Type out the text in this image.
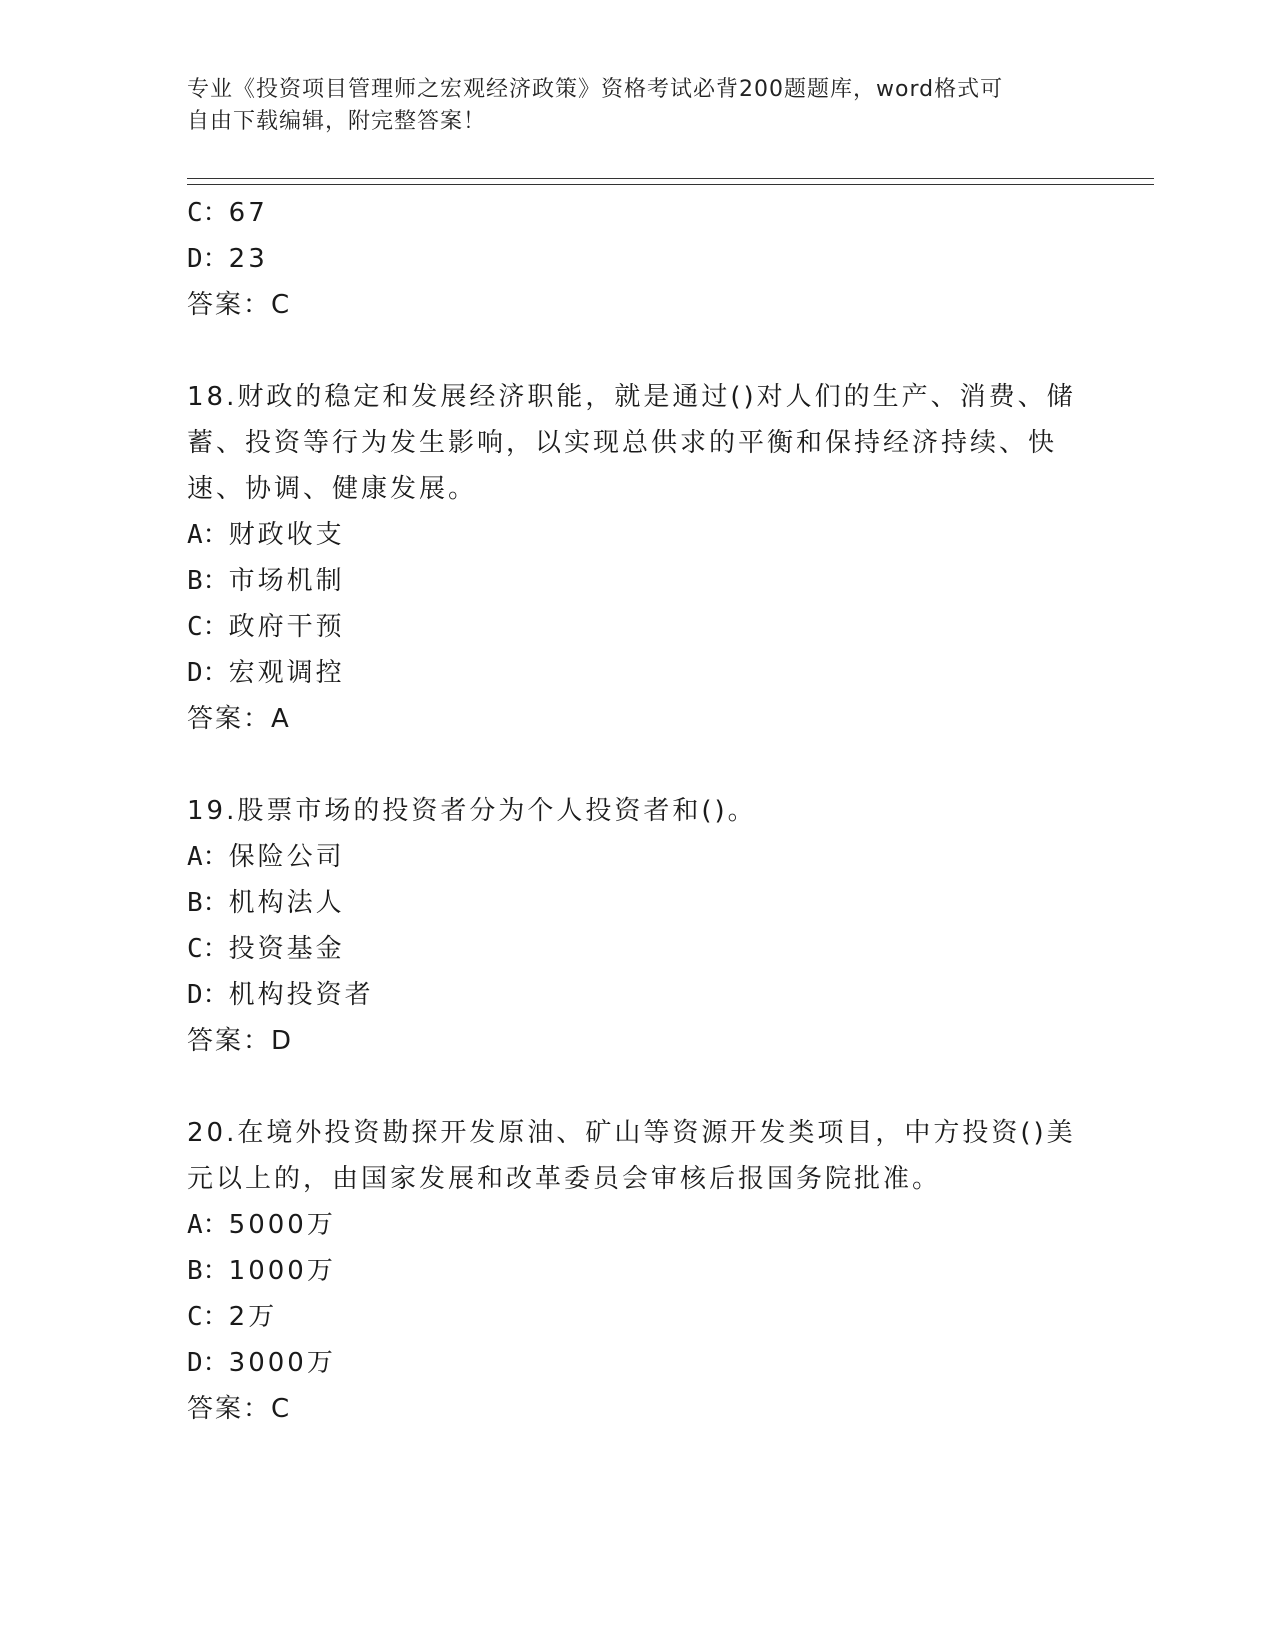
专业《投资项目管理师之宏观经济政策》资格考试必背200题题库，word格式可
自由下载编辑，附完整答案！
C：67
D：23
答案：C
18.财政的稳定和发展经济职能，就是通过()对人们的生产、消费、储
蓄、投资等行为发生影响，以实现总供求的平衡和保持经济持续、快
速、协调、健康发展。
A：财政收支
B：市场机制
C：政府干预
D：宏观调控
答案：A
19.股票市场的投资者分为个人投资者和()。
A：保险公司
B：机构法人
C：投资基金
D：机构投资者
答案：D
20.在境外投资勘探开发原油、矿山等资源开发类项目，中方投资()美
元以上的，由国家发展和改革委员会审核后报国务院批准。
A：5000万
B：1000万
C：2万
D：3000万
答案：C
